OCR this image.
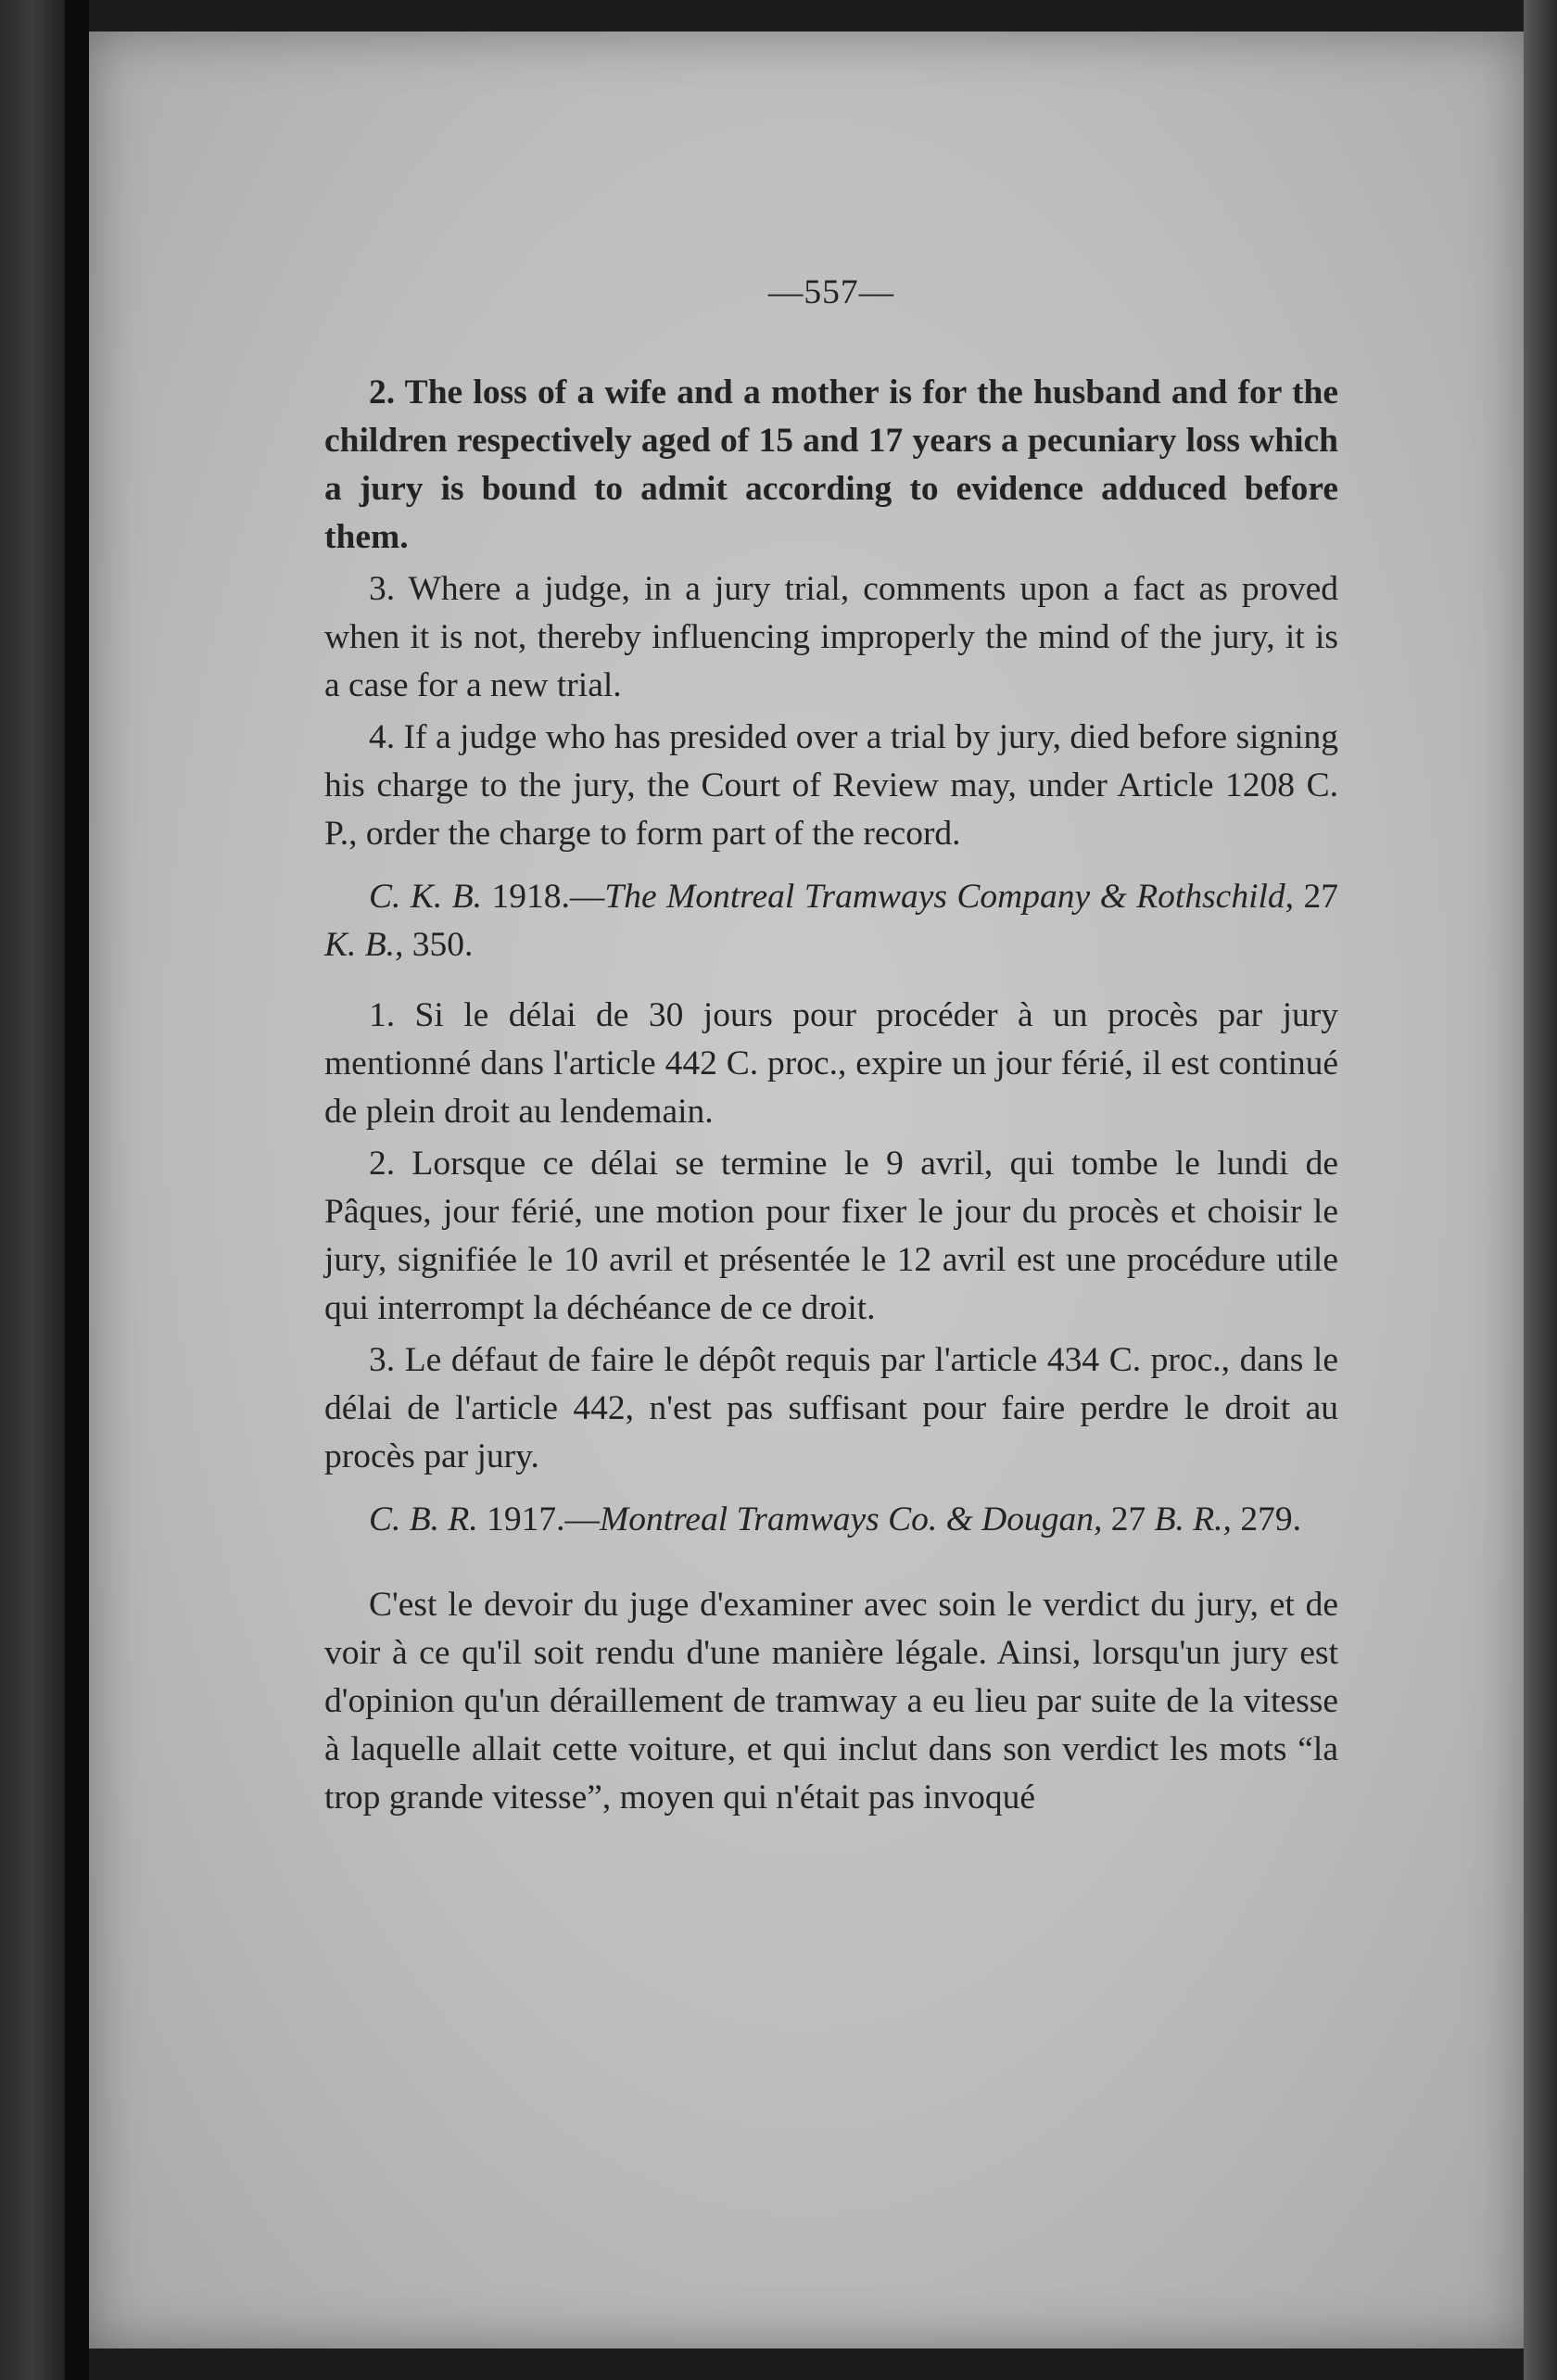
—557—

2. The loss of a wife and a mother is for the husband and for the children respectively aged of 15 and 17 years a pecuniary loss which a jury is bound to admit according to evidence adduced before them.

3. Where a judge, in a jury trial, comments upon a fact as proved when it is not, thereby influencing improperly the mind of the jury, it is a case for a new trial.

4. If a judge who has presided over a trial by jury, died before signing his charge to the jury, the Court of Review may, under Article 1208 C. P., order the charge to form part of the record.

C. K. B. 1918.—The Montreal Tramways Company & Rothschild, 27 K. B., 350.

1. Si le délai de 30 jours pour procéder à un procès par jury mentionné dans l'article 442 C. proc., expire un jour férié, il est continué de plein droit au lendemain.

2. Lorsque ce délai se termine le 9 avril, qui tombe le lundi de Pâques, jour férié, une motion pour fixer le jour du procès et choisir le jury, signifiée le 10 avril et présentée le 12 avril est une procédure utile qui interrompt la déchéance de ce droit.

3. Le défaut de faire le dépôt requis par l'article 434 C. proc., dans le délai de l'article 442, n'est pas suffisant pour faire perdre le droit au procès par jury.

C. B. R. 1917.—Montreal Tramways Co. & Dougan, 27 B. R., 279.

C'est le devoir du juge d'examiner avec soin le verdict du jury, et de voir à ce qu'il soit rendu d'une manière légale. Ainsi, lorsqu'un jury est d'opinion qu'un déraillement de tramway a eu lieu par suite de la vitesse à laquelle allait cette voiture, et qui inclut dans son verdict les mots “la trop grande vitesse”, moyen qui n'était pas invoqué
